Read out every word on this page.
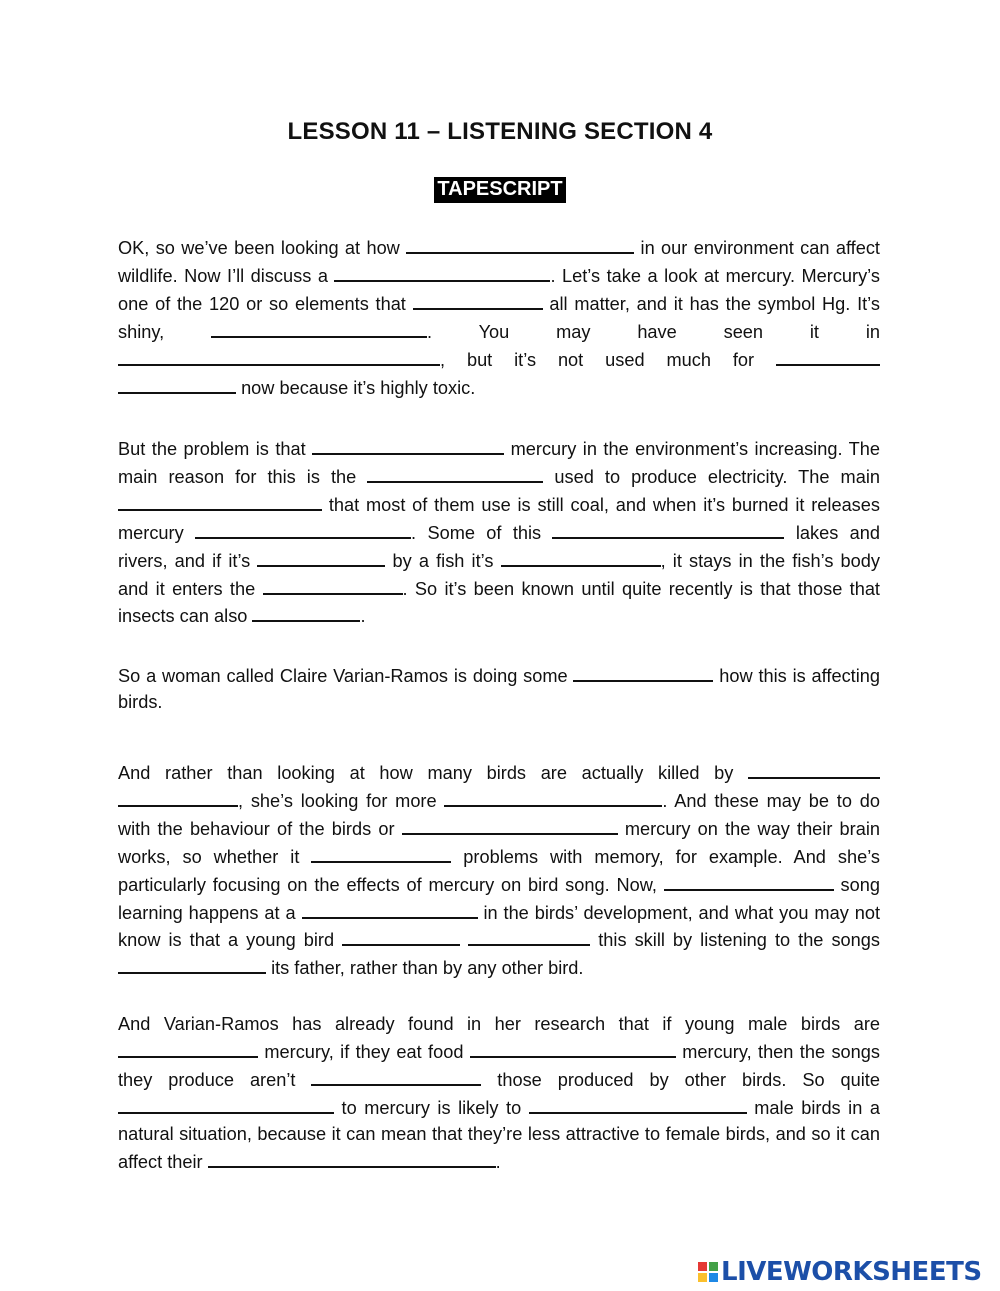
LESSON 11 – LISTENING SECTION 4
TAPESCRIPT

OK, so we’ve been looking at how	in our environment can affect wildlife. Now I’ll discuss a	. Let’s take a look at mercury. Mercury’s one of the 120 or so elements that	all matter, and it has the symbol Hg. It’s shiny,	. You may have seen it in , but it’s not used much for   now because it’s highly toxic.

But the problem is that	mercury in the environment’s increasing. The main reason for this is the	used to produce electricity. The main  that most of them use is still coal, and when it’s burned it releases mercury	. Some of this	lakes and rivers, and if it’s	by a fish it’s	, it stays in the fish’s body and it enters the	. So it’s been known until quite recently is that those that insects can also	.

So a woman called Claire Varian-Ramos is doing some	how this is affecting birds.

And rather than looking at how many birds are actually killed by  , she’s looking for more	. And these may be to do with the behaviour of the birds or	mercury on the way their brain works, so whether it	problems with memory, for example. And she’s particularly focusing on the effects of mercury on bird song. Now,	song learning happens at a	in the birds’ development, and what you may not know is that a young bird	this skill by listening to the songs  its father, rather than by any other bird.

And Varian-Ramos has already found in her research that if young male birds are  mercury, if they eat food	mercury, then the songs they produce aren’t	those produced by other birds. So quite  to mercury is likely to	male birds in a natural situation, because it can mean that they’re less attractive to female birds, and so it can affect their	.

LIVEWORKSHEETS
